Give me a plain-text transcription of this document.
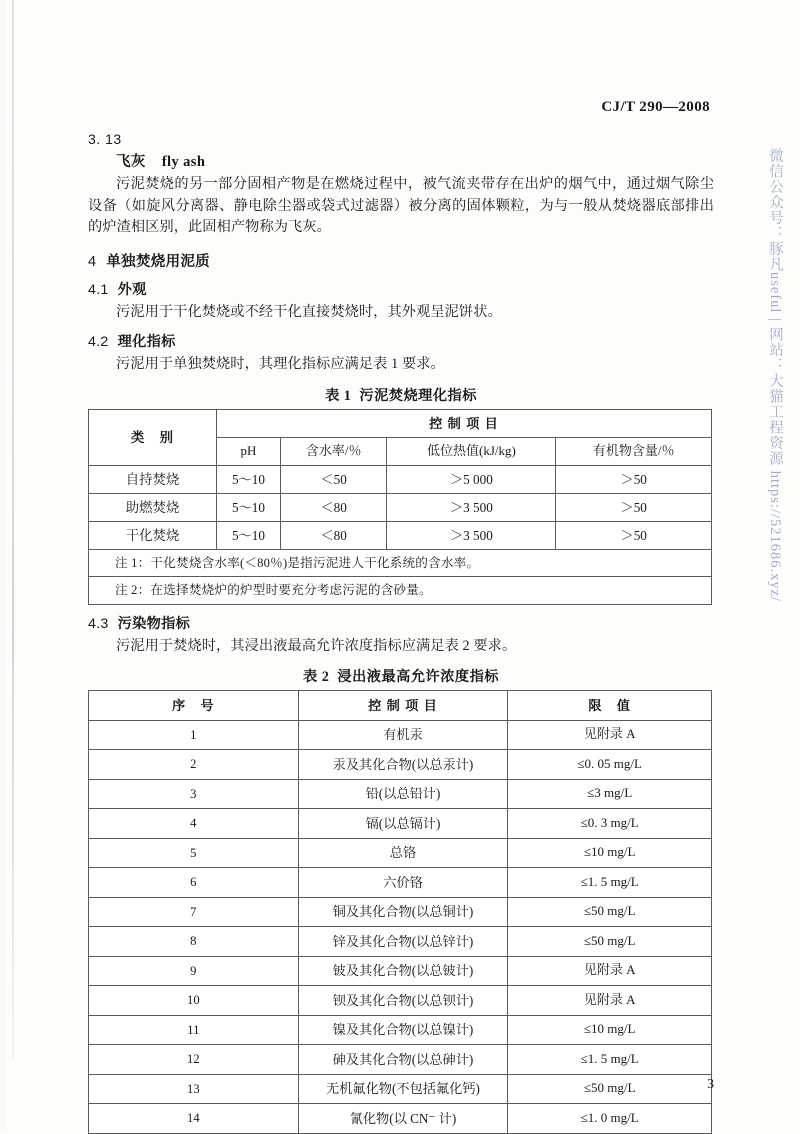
CJ/T 290—2008
3. 13
飞灰 fly ash

污泥焚烧的另一部分固相产物是在燃烧过程中，被气流夹带存在出炉的烟气中，通过烟气除尘设备（如旋风分离器、静电除尘器或袋式过滤器）被分离的固体颗粒，为与一般从焚烧器底部排出的炉渣相区别，此固相产物称为飞灰。

4 单独焚烧用泥质
4.1 外观

污泥用于干化焚烧或不经干化直接焚烧时，其外观呈泥饼状。

4.2 理化指标

污泥用于单独焚烧时，其理化指标应满足表 1 要求。

表 1 污泥焚烧理化指标
类　别	控 制 项 目			
	pH	含水率/％	低位热值(kJ/kg)	有机物含量/％
自持焚烧	5～10	＜50	＞5 000	＞50
助燃焚烧	5～10	＜80	＞3 500	＞50
干化焚烧	5～10	＜80	＞3 500	＞50
注 1：干化焚烧含水率(＜80％)是指污泥进人干化系统的含水率。				
注 2：在选择焚烧炉的炉型时要充分考虑污泥的含砂量。				
4.3 污染物指标

污泥用于焚烧时，其浸出液最高允许浓度指标应满足表 2 要求。

表 2 浸出液最高允许浓度指标
序　号	控 制 项 目	限　值
1	有机汞	见附录 A
2	汞及其化合物(以总汞计)	≤0. 05 mg/L
3	铅(以总铅计)	≤3 mg/L
4	镉(以总镉计)	≤0. 3 mg/L
5	总铬	≤10 mg/L
6	六价铬	≤1. 5 mg/L
7	铜及其化合物(以总铜计)	≤50 mg/L
8	锌及其化合物(以总锌计)	≤50 mg/L
9	铍及其化合物(以总铍计)	见附录 A
10	钡及其化合物(以总钡计)	见附录 A
11	镍及其化合物(以总镍计)	≤10 mg/L
12	砷及其化合物(以总砷计)	≤1. 5 mg/L
13	无机氟化物(不包括氟化钙)	≤50 mg/L
14	氰化物(以 CN⁻ 计)	≤1. 0 mg/L
3
微信公众号：豚凡useful | 网站：大猫工程资源 https://521686.xyz/
